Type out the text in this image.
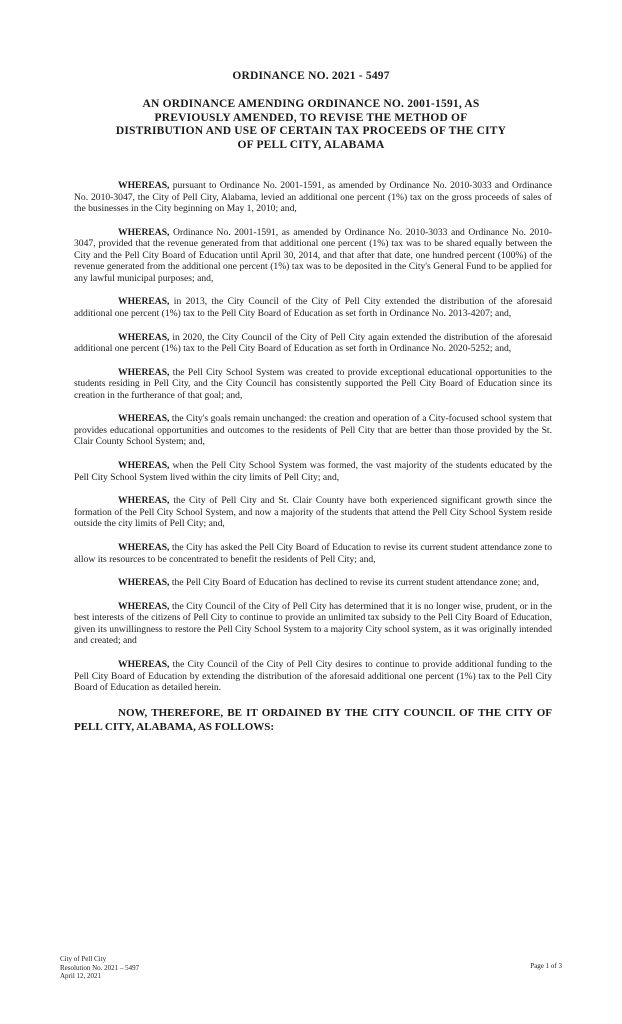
ORDINANCE NO. 2021 - 5497
AN ORDINANCE AMENDING ORDINANCE NO. 2001-1591, AS PREVIOUSLY AMENDED, TO REVISE THE METHOD OF DISTRIBUTION AND USE OF CERTAIN TAX PROCEEDS OF THE CITY OF PELL CITY, ALABAMA

WHEREAS, pursuant to Ordinance No. 2001-1591, as amended by Ordinance No. 2010-3033 and Ordinance No. 2010-3047, the City of Pell City, Alabama, levied an additional one percent (1%) tax on the gross proceeds of sales of the businesses in the City beginning on May 1, 2010; and,

WHEREAS, Ordinance No. 2001-1591, as amended by Ordinance No. 2010-3033 and Ordinance No. 2010-3047, provided that the revenue generated from that additional one percent (1%) tax was to be shared equally between the City and the Pell City Board of Education until April 30, 2014, and that after that date, one hundred percent (100%) of the revenue generated from the additional one percent (1%) tax was to be deposited in the City's General Fund to be applied for any lawful municipal purposes; and,

WHEREAS, in 2013, the City Council of the City of Pell City extended the distribution of the aforesaid additional one percent (1%) tax to the Pell City Board of Education as set forth in Ordinance No. 2013-4207; and,

WHEREAS, in 2020, the City Council of the City of Pell City again extended the distribution of the aforesaid additional one percent (1%) tax to the Pell City Board of Education as set forth in Ordinance No. 2020-5252; and,

WHEREAS, the Pell City School System was created to provide exceptional educational opportunities to the students residing in Pell City, and the City Council has consistently supported the Pell City Board of Education since its creation in the furtherance of that goal; and,

WHEREAS, the City's goals remain unchanged: the creation and operation of a City-focused school system that provides educational opportunities and outcomes to the residents of Pell City that are better than those provided by the St. Clair County School System; and,

WHEREAS, when the Pell City School System was formed, the vast majority of the students educated by the Pell City School System lived within the city limits of Pell City; and,

WHEREAS, the City of Pell City and St. Clair County have both experienced significant growth since the formation of the Pell City School System, and now a majority of the students that attend the Pell City School System reside outside the city limits of Pell City; and,

WHEREAS, the City has asked the Pell City Board of Education to revise its current student attendance zone to allow its resources to be concentrated to benefit the residents of Pell City; and,

WHEREAS, the Pell City Board of Education has declined to revise its current student attendance zone; and,

WHEREAS, the City Council of the City of Pell City has determined that it is no longer wise, prudent, or in the best interests of the citizens of Pell City to continue to provide an unlimited tax subsidy to the Pell City Board of Education, given its unwillingness to restore the Pell City School System to a majority City school system, as it was originally intended and created; and

WHEREAS, the City Council of the City of Pell City desires to continue to provide additional funding to the Pell City Board of Education by extending the distribution of the aforesaid additional one percent (1%) tax to the Pell City Board of Education as detailed herein.

NOW, THEREFORE, BE IT ORDAINED BY THE CITY COUNCIL OF THE CITY OF PELL CITY, ALABAMA, AS FOLLOWS:

City of Pell City
Resolution No. 2021 – 5497
April 12, 2021
Page 1 of 3
